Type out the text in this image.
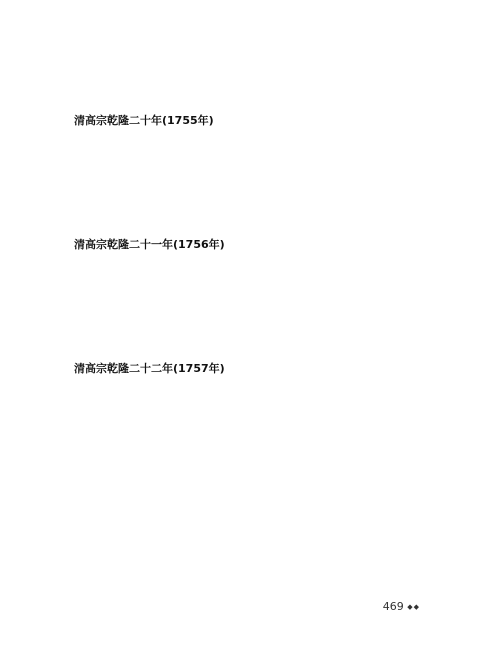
清高宗乾隆二十年(1755年)

清高宗乾隆二十一年(1756年)

清高宗乾隆二十二年(1757年)

469 ◆◆
